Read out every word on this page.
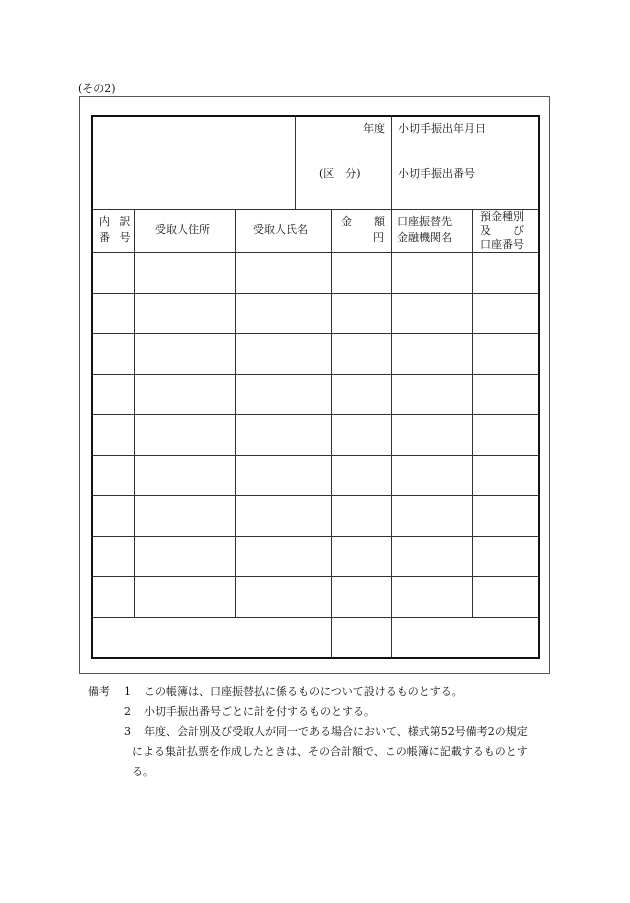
(その2)
年度
(区　分)
小切手振出年月日
小切手振出番号
内 訳
番 号
受取人住所	受取人氏名
金　　額
円
口座振替先
金融機関名
預金種別
及　　び
口座番号
備考 1 この帳簿は、口座振替払に係るものについて設けるものとする。
2 小切手振出番号ごとに計を付するものとする。
3 年度、会計別及び受取人が同一である場合において、様式第52号備考2の規定
による集計払票を作成したときは、その合計額で、この帳簿に記載するものとす
る。
